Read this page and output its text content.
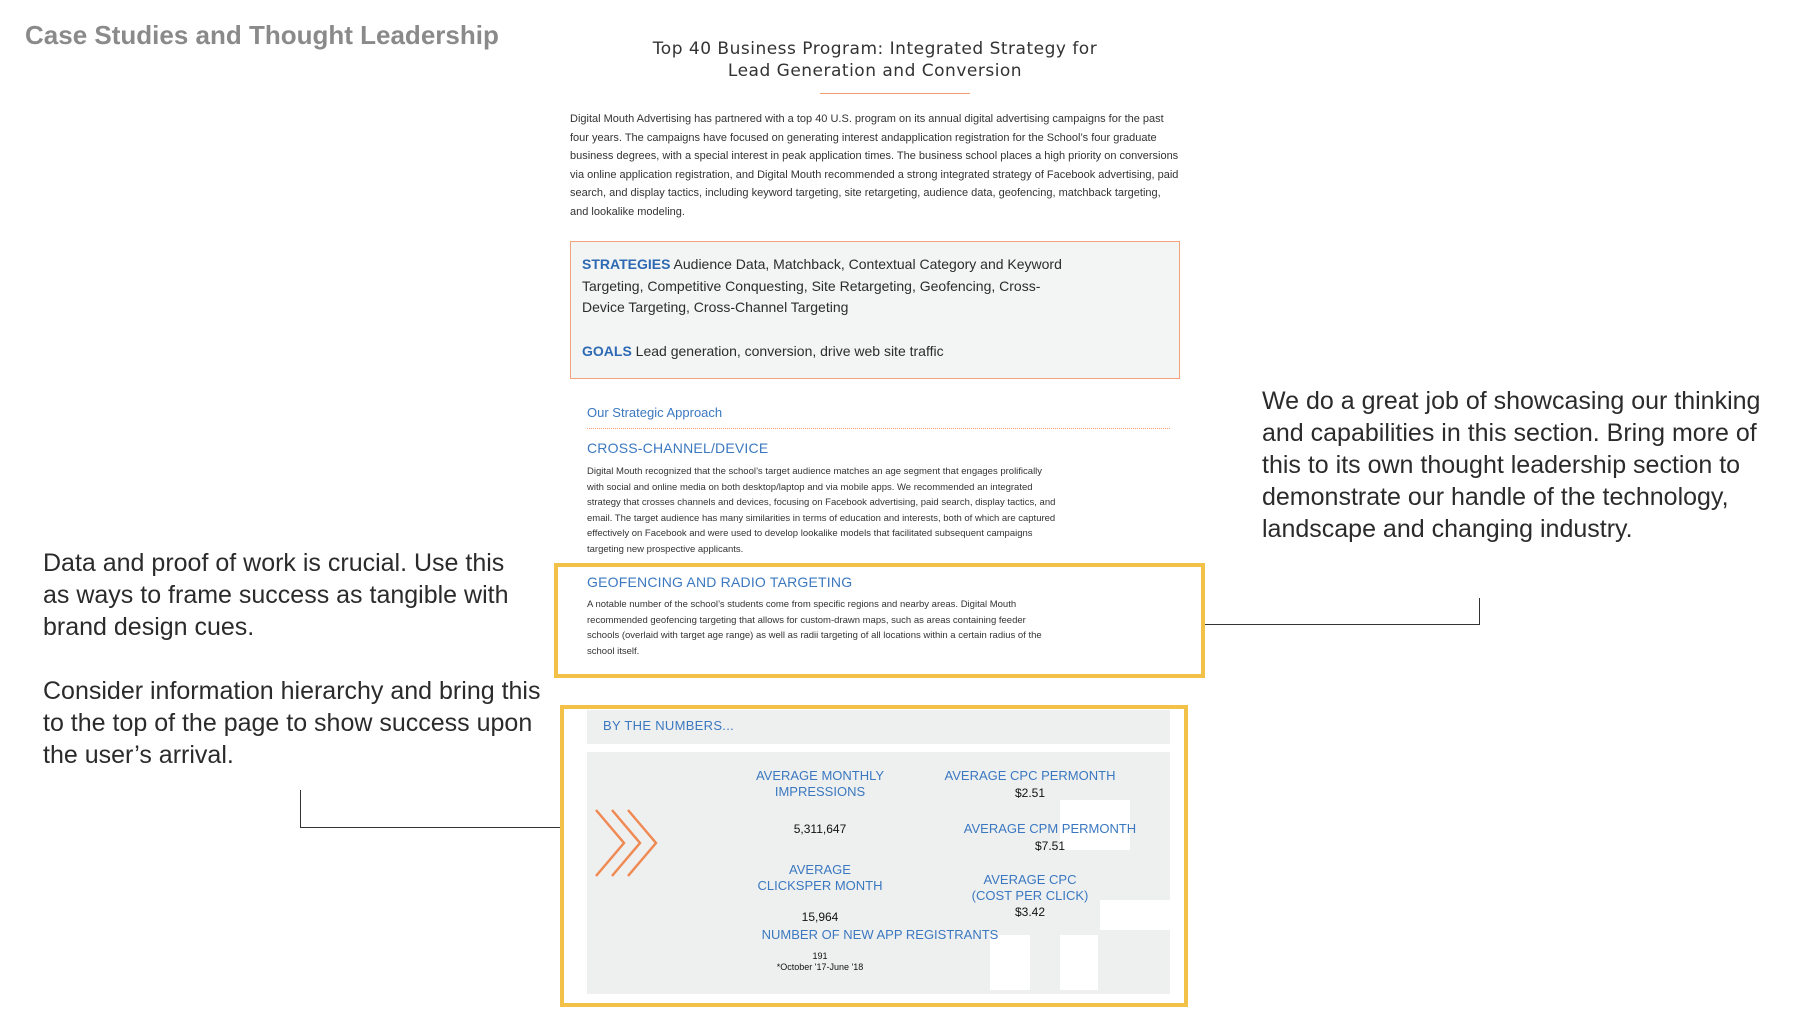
Case Studies and Thought Leadership
Data and proof of work is crucial. Use this as ways to frame success as tangible with brand design cues.
Consider information hierarchy and bring this to the top of the page to show success upon the user’s arrival.
We do a great job of showcasing our thinking and capabilities in this section. Bring more of this to its own thought leadership section to demonstrate our handle of the technology, landscape and changing industry.
Top 40 Business Program: Integrated Strategy for
Lead Generation and Conversion
Digital Mouth Advertising has partnered with a top 40 U.S. program on its annual digital advertising campaigns for the past four years. The campaigns have focused on generating interest andapplication registration for the School’s four graduate business degrees, with a special interest in peak application times. The business school places a high priority on conversions via online application registration, and Digital Mouth recommended a strong integrated strategy of Facebook advertising, paid search, and display tactics, including keyword targeting, site retargeting, audience data, geofencing, matchback targeting, and lookalike modeling.
STRATEGIES Audience Data, Matchback, Contextual Category and Keyword Targeting, Competitive Conquesting, Site Retargeting, Geofencing, Cross-Device Targeting, Cross-Channel Targeting
GOALS Lead generation, conversion, drive web site traffic
Our Strategic Approach
CROSS-CHANNEL/DEVICE
Digital Mouth recognized that the school’s target audience matches an age segment that engages prolifically with social and online media on both desktop/laptop and via mobile apps. We recommended an integrated strategy that crosses channels and devices, focusing on Facebook advertising, paid search, display tactics, and email. The target audience has many similarities in terms of education and interests, both of which are captured effectively on Facebook and were used to develop lookalike models that facilitated subsequent campaigns targeting new prospective applicants.
GEOFENCING AND RADIO TARGETING
A notable number of the school’s students come from specific regions and nearby areas. Digital Mouth recommended geofencing targeting that allows for custom-drawn maps, such as areas containing feeder schools (overlaid with target age range) as well as radii targeting of all locations within a certain radius of the school itself.
BY THE NUMBERS...
AVERAGE MONTHLY IMPRESSIONS
5,311,647
AVERAGE CLICKSPER MONTH
15,964
AVERAGE CPC PERMONTH
$2.51
AVERAGE CPM PERMONTH
$7.51
AVERAGE CPC
(COST PER CLICK)
$3.42
NUMBER OF NEW APP REGISTRANTS
191
*October '17-June '18
